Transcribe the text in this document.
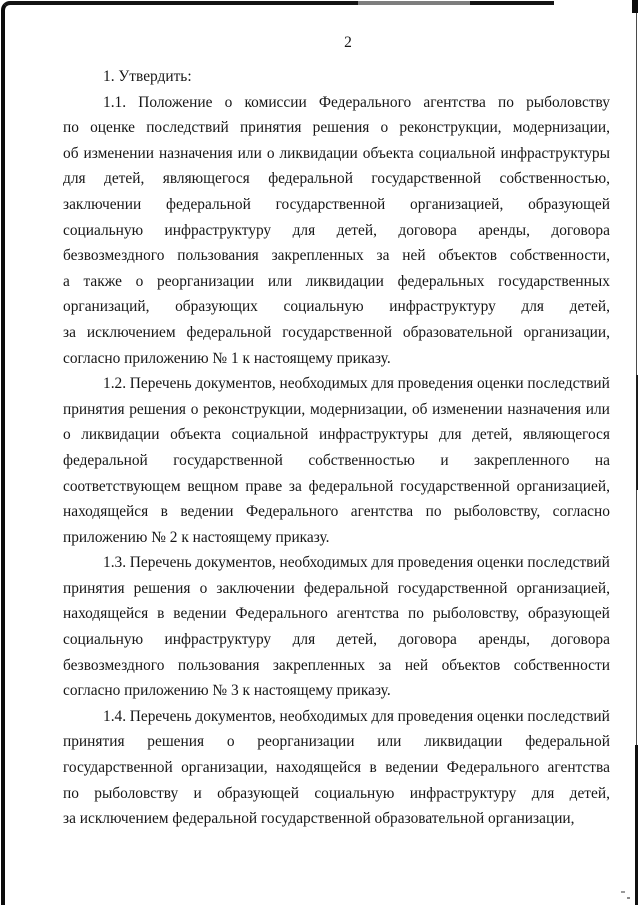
2
1. Утвердить:
1.1. Положение о комиссии Федерального агентства по рыболовству
по оценке последствий принятия решения о реконструкции, модернизации,
об изменении назначения или о ликвидации объекта социальной инфраструктуры
для детей, являющегося федеральной государственной собственностью,
заключении федеральной государственной организацией, образующей
социальную инфраструктуру для детей, договора аренды, договора
безвозмездного пользования закрепленных за ней объектов собственности,
а также о реорганизации или ликвидации федеральных государственных
организаций, образующих социальную инфраструктуру для детей,
за исключением федеральной государственной образовательной организации,
согласно приложению № 1 к настоящему приказу.
1.2. Перечень документов, необходимых для проведения оценки последствий
принятия решения о реконструкции, модернизации, об изменении назначения или
о ликвидации объекта социальной инфраструктуры для детей, являющегося
федеральной государственной собственностью и закрепленного на
соответствующем вещном праве за федеральной государственной организацией,
находящейся в ведении Федерального агентства по рыболовству, согласно
приложению № 2 к настоящему приказу.
1.3. Перечень документов, необходимых для проведения оценки последствий
принятия решения о заключении федеральной государственной организацией,
находящейся в ведении Федерального агентства по рыболовству, образующей
социальную инфраструктуру для детей, договора аренды, договора
безвозмездного пользования закрепленных за ней объектов собственности
согласно приложению № 3 к настоящему приказу.
1.4. Перечень документов, необходимых для проведения оценки последствий
принятия решения о реорганизации или ликвидации федеральной
государственной организации, находящейся в ведении Федерального агентства
по рыболовству и образующей социальную инфраструктуру для детей,
за исключением федеральной государственной образовательной организации,
